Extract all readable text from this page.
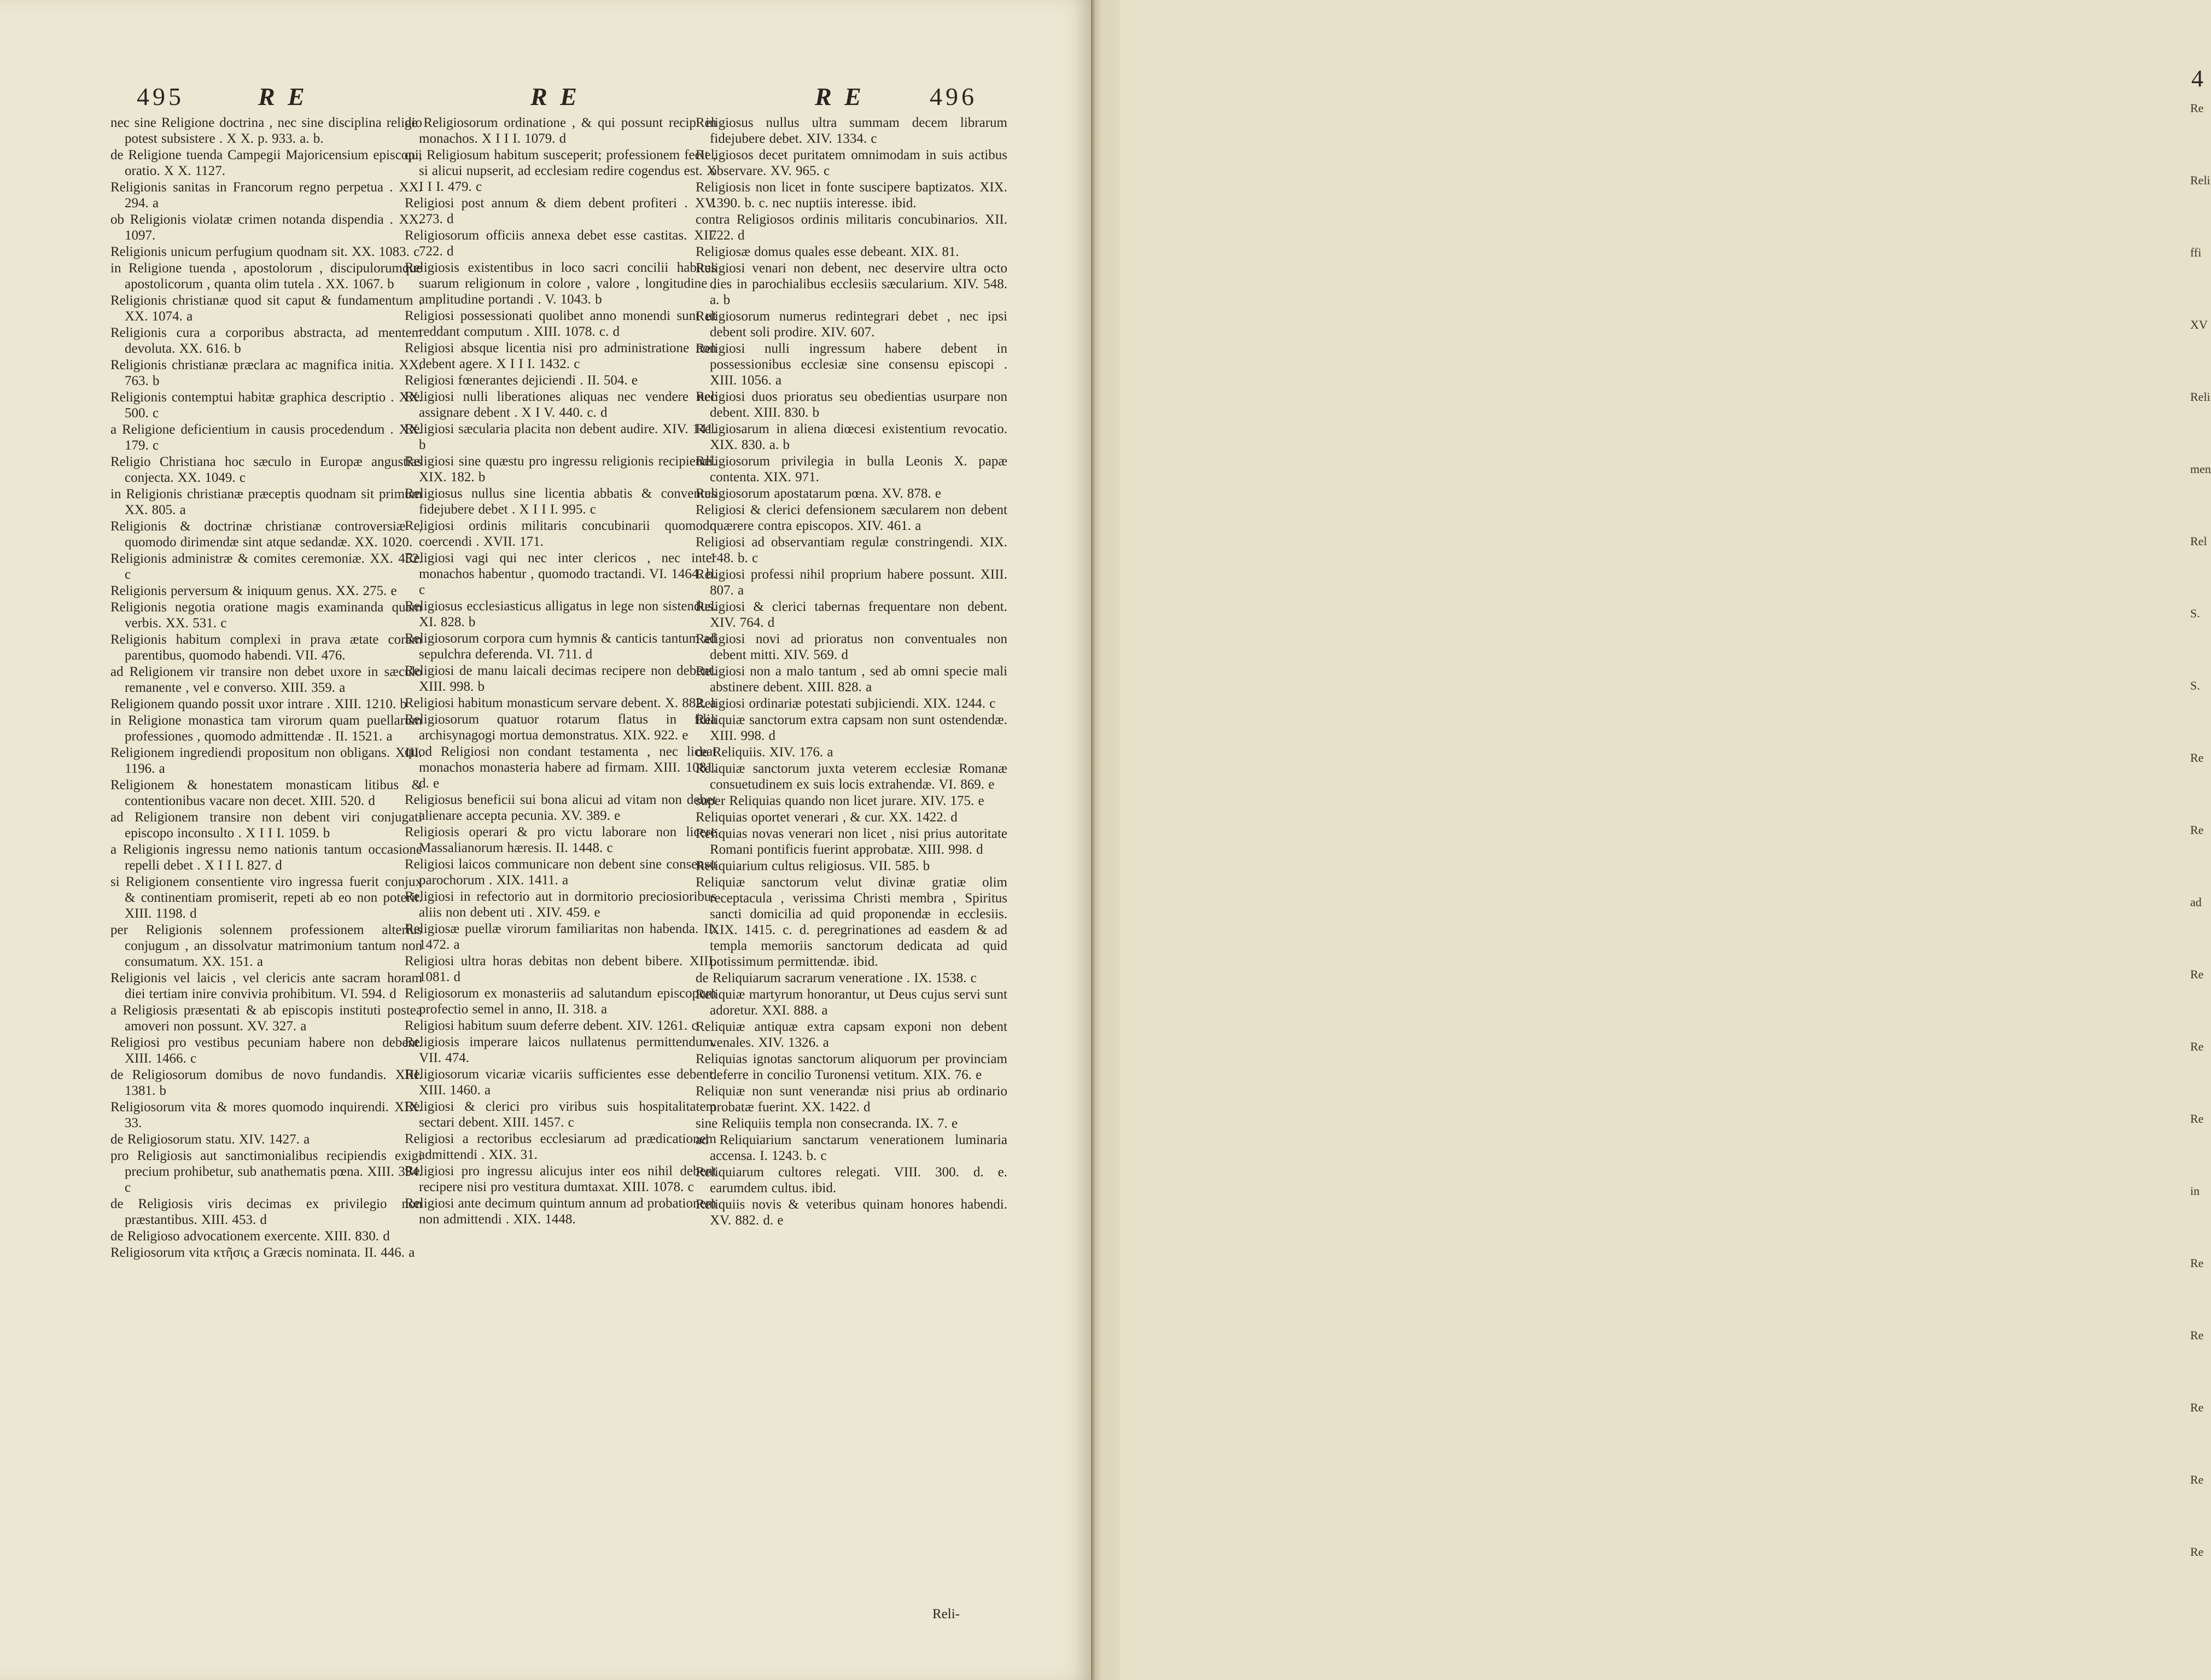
495	R E	R E	R E	496
nec sine Religione doctrina , nec sine disciplina religio potest subsistere . X X. p. 933. a. b.
de Religione tuenda Campegii Majoricensium episcopi, oratio. X X. 1127.
Religionis sanitas in Francorum regno perpetua . XX. 294. a
ob Religionis violatæ crimen notanda dispendia . XX. 1097.
Religionis unicum perfugium quodnam sit. XX. 1083. c
in Religione tuenda , apostolorum , discipulorumque apostolicorum , quanta olim tutela . XX. 1067. b
Religionis christianæ quod sit caput & fundamentum . XX. 1074. a
Religionis cura a corporibus abstracta, ad mentem devoluta. XX. 616. b
Religionis christianæ præclara ac magnifica initia. XX. 763. b
Religionis contemptui habitæ graphica descriptio . XX. 500. c
a Religione deficientium in causis procedendum . XX. 179. c
Religio Christiana hoc sæculo in Europæ angustias conjecta. XX. 1049. c
in Religionis christianæ præceptis quodnam sit primum XX. 805. a
Religionis & doctrinæ christianæ controversiæ , quomodo dirimendæ sint atque sedandæ. XX. 1020.
Religionis administræ & comites ceremoniæ. XX. 452. c
Religionis perversum & iniquum genus. XX. 275. e
Religionis negotia oratione magis examinanda quam verbis. XX. 531. c
Religionis habitum complexi in prava ætate coram parentibus, quomodo habendi. VII. 476.
ad Religionem vir transire non debet uxore in sæculo remanente , vel e converso. XIII. 359. a
Religionem quando possit uxor intrare . XIII. 1210. b
in Religione monastica tam virorum quam puellarum professiones , quomodo admittendæ . II. 1521. a
Religionem ingrediendi propositum non obligans. XIII. 1196. a
Religionem & honestatem monasticam litibus & contentionibus vacare non decet. XIII. 520. d
ad Religionem transire non debent viri conjugati episcopo inconsulto . X I I I. 1059. b
a Religionis ingressu nemo nationis tantum occasione repelli debet . X I I I. 827. d
si Religionem consentiente viro ingressa fuerit conjux & continentiam promiserit, repeti ab eo non poterit. XIII. 1198. d
per Religionis solennem professionem alterius conjugum , an dissolvatur matrimonium tantum non consumatum. XX. 151. a
Religionis vel laicis , vel clericis ante sacram horam diei tertiam inire convivia prohibitum. VI. 594. d
a Religiosis præsentati & ab episcopis instituti postea amoveri non possunt. XV. 327. a
Religiosi pro vestibus pecuniam habere non debent. XIII. 1466. c
de Religiosorum domibus de novo fundandis. XIII. 1381. b
Religiosorum vita & mores quomodo inquirendi. XIX. 33.
de Religiosorum statu. XIV. 1427. a
pro Religiosis aut sanctimonialibus recipiendis exigi precium prohibetur, sub anathematis pœna. XIII. 394. c
de Religiosis viris decimas ex privilegio non præstantibus. XIII. 453. d
de Religioso advocationem exercente. XIII. 830. d
Religiosorum vita κτῆσις a Græcis nominata. II. 446. a
de Religiosorum ordinatione , & qui possunt recipi in monachos. X I I I. 1079. d
qui Religiosum habitum susceperit; professionem fecit , si alicui nupserit, ad ecclesiam redire cogendus est. X I I I. 479. c
Religiosi post annum & diem debent profiteri . XV. 273. d
Religiosorum officiis annexa debet esse castitas. XII. 722. d
Religiosis existentibus in loco sacri concilii habitus suarum religionum in colore , valore , longitudine , amplitudine portandi . V. 1043. b
Religiosi possessionati quolibet anno monendi sunt ut reddant computum . XIII. 1078. c. d
Religiosi absque licentia nisi pro administratione non debent agere. X I I I. 1432. c
Religiosi fœnerantes dejiciendi . II. 504. e
Religiosi nulli liberationes aliquas nec vendere nec assignare debent . X I V. 440. c. d
Religiosi sæcularia placita non debent audire. XIV. 141. b
Religiosi sine quæstu pro ingressu religionis recipiendi. XIX. 182. b
Religiosus nullus sine licentia abbatis & conventus fidejubere debet . X I I I. 995. c
Religiosi ordinis militaris concubinarii quomodo coercendi . XVII. 171.
Religiosi vagi qui nec inter clericos , nec inter monachos habentur , quomodo tractandi. VI. 1464. b. c
Religiosus ecclesiasticus alligatus in lege non sistendus. XI. 828. b
Religiosorum corpora cum hymnis & canticis tantum ad sepulchra deferenda. VI. 711. d
Religiosi de manu laicali decimas recipere non debent. XIII. 998. b
Religiosi habitum monasticum servare debent. X. 882. a
Religiosorum quatuor rotarum flatus in filia archisynagogi mortua demonstratus. XIX. 922. e
quod Religiosi non condant testamenta , nec liceat monachos monasteria habere ad firmam. XIII. 1081. d. e
Religiosus beneficii sui bona alicui ad vitam non debet alienare accepta pecunia. XV. 389. e
Religiosis operari & pro victu laborare non licere Massalianorum hæresis. II. 1448. c
Religiosi laicos communicare non debent sine consensu parochorum . XIX. 1411. a
Religiosi in refectorio aut in dormitorio preciosioribus aliis non debent uti . XIV. 459. e
Religiosæ puellæ virorum familiaritas non habenda. II. 1472. a
Religiosi ultra horas debitas non debent bibere. XIII. 1081. d
Religiosorum ex monasteriis ad salutandum episcopum profectio semel in anno, II. 318. a
Religiosi habitum suum deferre debent. XIV. 1261. c
Religiosis imperare laicos nullatenus permittendum. VII. 474.
Religiosorum vicariæ vicariis sufficientes esse debent. XIII. 1460. a
Religiosi & clerici pro viribus suis hospitalitatem sectari debent. XIII. 1457. c
Religiosi a rectoribus ecclesiarum ad prædicationem admittendi . XIX. 31.
Religiosi pro ingressu alicujus inter eos nihil debent recipere nisi pro vestitura dumtaxat. XIII. 1078. c
Religiosi ante decimum quintum annum ad probationem non admittendi . XIX. 1448.
Religiosus nullus ultra summam decem librarum fidejubere debet. XIV. 1334. c
Religiosos decet puritatem omnimodam in suis actibus observare. XV. 965. c
Religiosis non licet in fonte suscipere baptizatos. XIX. 1390. b. c. nec nuptiis interesse. ibid.
contra Religiosos ordinis militaris concubinarios. XII. 722. d
Religiosæ domus quales esse debeant. XIX. 81.
Religiosi venari non debent, nec deservire ultra octo dies in parochialibus ecclesiis sæcularium. XIV. 548. a. b
Religiosorum numerus redintegrari debet , nec ipsi debent soli prodire. XIV. 607.
Religiosi nulli ingressum habere debent in possessionibus ecclesiæ sine consensu episcopi . XIII. 1056. a
Religiosi duos prioratus seu obedientias usurpare non debent. XIII. 830. b
Religiosarum in aliena diœcesi existentium revocatio. XIX. 830. a. b
Religiosorum privilegia in bulla Leonis X. papæ contenta. XIX. 971.
Religiosorum apostatarum pœna. XV. 878. e
Religiosi & clerici defensionem sæcularem non debent quærere contra episcopos. XIV. 461. a
Religiosi ad observantiam regulæ constringendi. XIX. 148. b. c
Religiosi professi nihil proprium habere possunt. XIII. 807. a
Religiosi & clerici tabernas frequentare non debent. XIV. 764. d
Religiosi novi ad prioratus non conventuales non debent mitti. XIV. 569. d
Religiosi non a malo tantum , sed ab omni specie mali abstinere debent. XIII. 828. a
Religiosi ordinariæ potestati subjiciendi. XIX. 1244. c
Reliquiæ sanctorum extra capsam non sunt ostendendæ. XIII. 998. d
de Reliquiis. XIV. 176. a
Reliquiæ sanctorum juxta veterem ecclesiæ Romanæ consuetudinem ex suis locis extrahendæ. VI. 869. e
super Reliquias quando non licet jurare. XIV. 175. e
Reliquias oportet venerari , & cur. XX. 1422. d
Reliquias novas venerari non licet , nisi prius autoritate Romani pontificis fuerint approbatæ. XIII. 998. d
Reliquiarium cultus religiosus. VII. 585. b
Reliquiæ sanctorum velut divinæ gratiæ olim receptacula , verissima Christi membra , Spiritus sancti domicilia ad quid proponendæ in ecclesiis. XIX. 1415. c. d. peregrinationes ad easdem & ad templa memoriis sanctorum dedicata ad quid potissimum permittendæ. ibid.
de Reliquiarum sacrarum veneratione . IX. 1538. c
Reliquiæ martyrum honorantur, ut Deus cujus servi sunt adoretur. XXI. 888. a
Reliquiæ antiquæ extra capsam exponi non debent venales. XIV. 1326. a
Reliquias ignotas sanctorum aliquorum per provinciam deferre in concilio Turonensi vetitum. XIX. 76. e
Reliquiæ non sunt venerandæ nisi prius ab ordinario probatæ fuerint. XX. 1422. d
sine Reliquiis templa non consecranda. IX. 7. e
ad Reliquiarium sanctarum venerationem luminaria accensa. I. 1243. b. c
Reliquiarum cultores relegati. VIII. 300. d. e. earumdem cultus. ibid.
Reliquiis novis & veteribus quinam honores habendi. XV. 882. d. e
Reli-
4
Re
Reli
ffi
XV
Reli
men
Rel
S.
S.
Re
Re
ad
Re
Re
Re
in
Re
Re
Re
Re
Re
